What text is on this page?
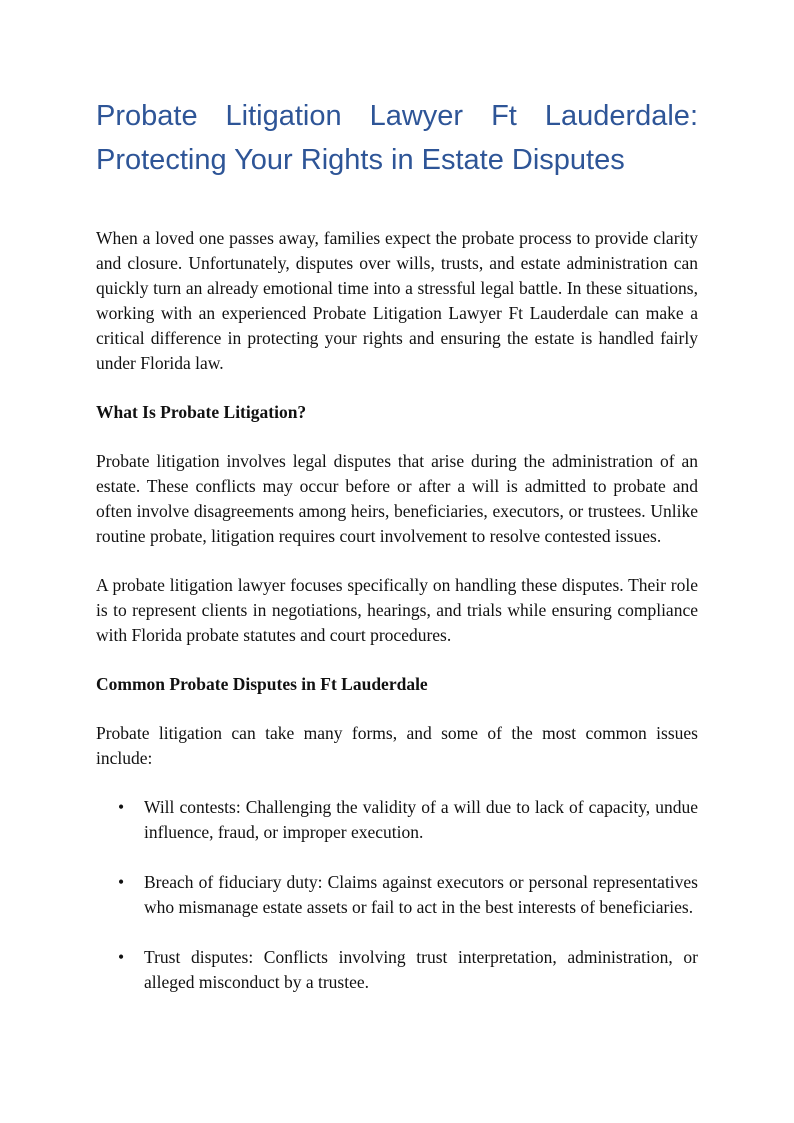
Probate Litigation Lawyer Ft Lauderdale:
Protecting Your Rights in Estate Disputes

When a loved one passes away, families expect the probate process to provide clarity and closure. Unfortunately, disputes over wills, trusts, and estate administration can quickly turn an already emotional time into a stressful legal battle. In these situations, working with an experienced Probate Litigation Lawyer Ft Lauderdale can make a critical difference in protecting your rights and ensuring the estate is handled fairly under Florida law.

What Is Probate Litigation?

Probate litigation involves legal disputes that arise during the administration of an estate. These conflicts may occur before or after a will is admitted to probate and often involve disagreements among heirs, beneficiaries, executors, or trustees. Unlike routine probate, litigation requires court involvement to resolve contested issues.

A probate litigation lawyer focuses specifically on handling these disputes. Their role is to represent clients in negotiations, hearings, and trials while ensuring compliance with Florida probate statutes and court procedures.

Common Probate Disputes in Ft Lauderdale

Probate litigation can take many forms, and some of the most common issues include:

• Will contests: Challenging the validity of a will due to lack of capacity, undue influence, fraud, or improper execution.
• Breach of fiduciary duty: Claims against executors or personal representatives who mismanage estate assets or fail to act in the best interests of beneficiaries.
• Trust disputes: Conflicts involving trust interpretation, administration, or alleged misconduct by a trustee.
